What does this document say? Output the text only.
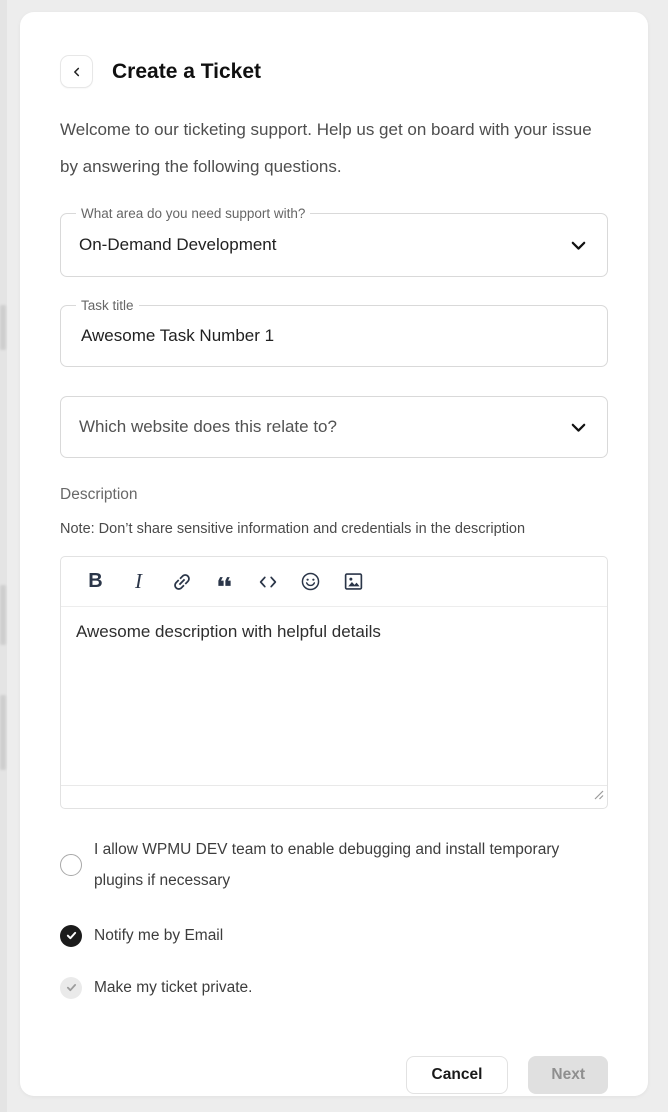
Create a Ticket
Welcome to our ticketing support. Help us get on board with your issue by answering the following questions.
What area do you need support with?
On-Demand Development
Task title
Awesome Task Number 1
Which website does this relate to?
Description
Note: Don’t share sensitive information and credentials in the description
B I
Awesome description with helpful details
I allow WPMU DEV team to enable debugging and install temporary plugins if necessary
Notify me by Email
Make my ticket private.
Cancel	Next
